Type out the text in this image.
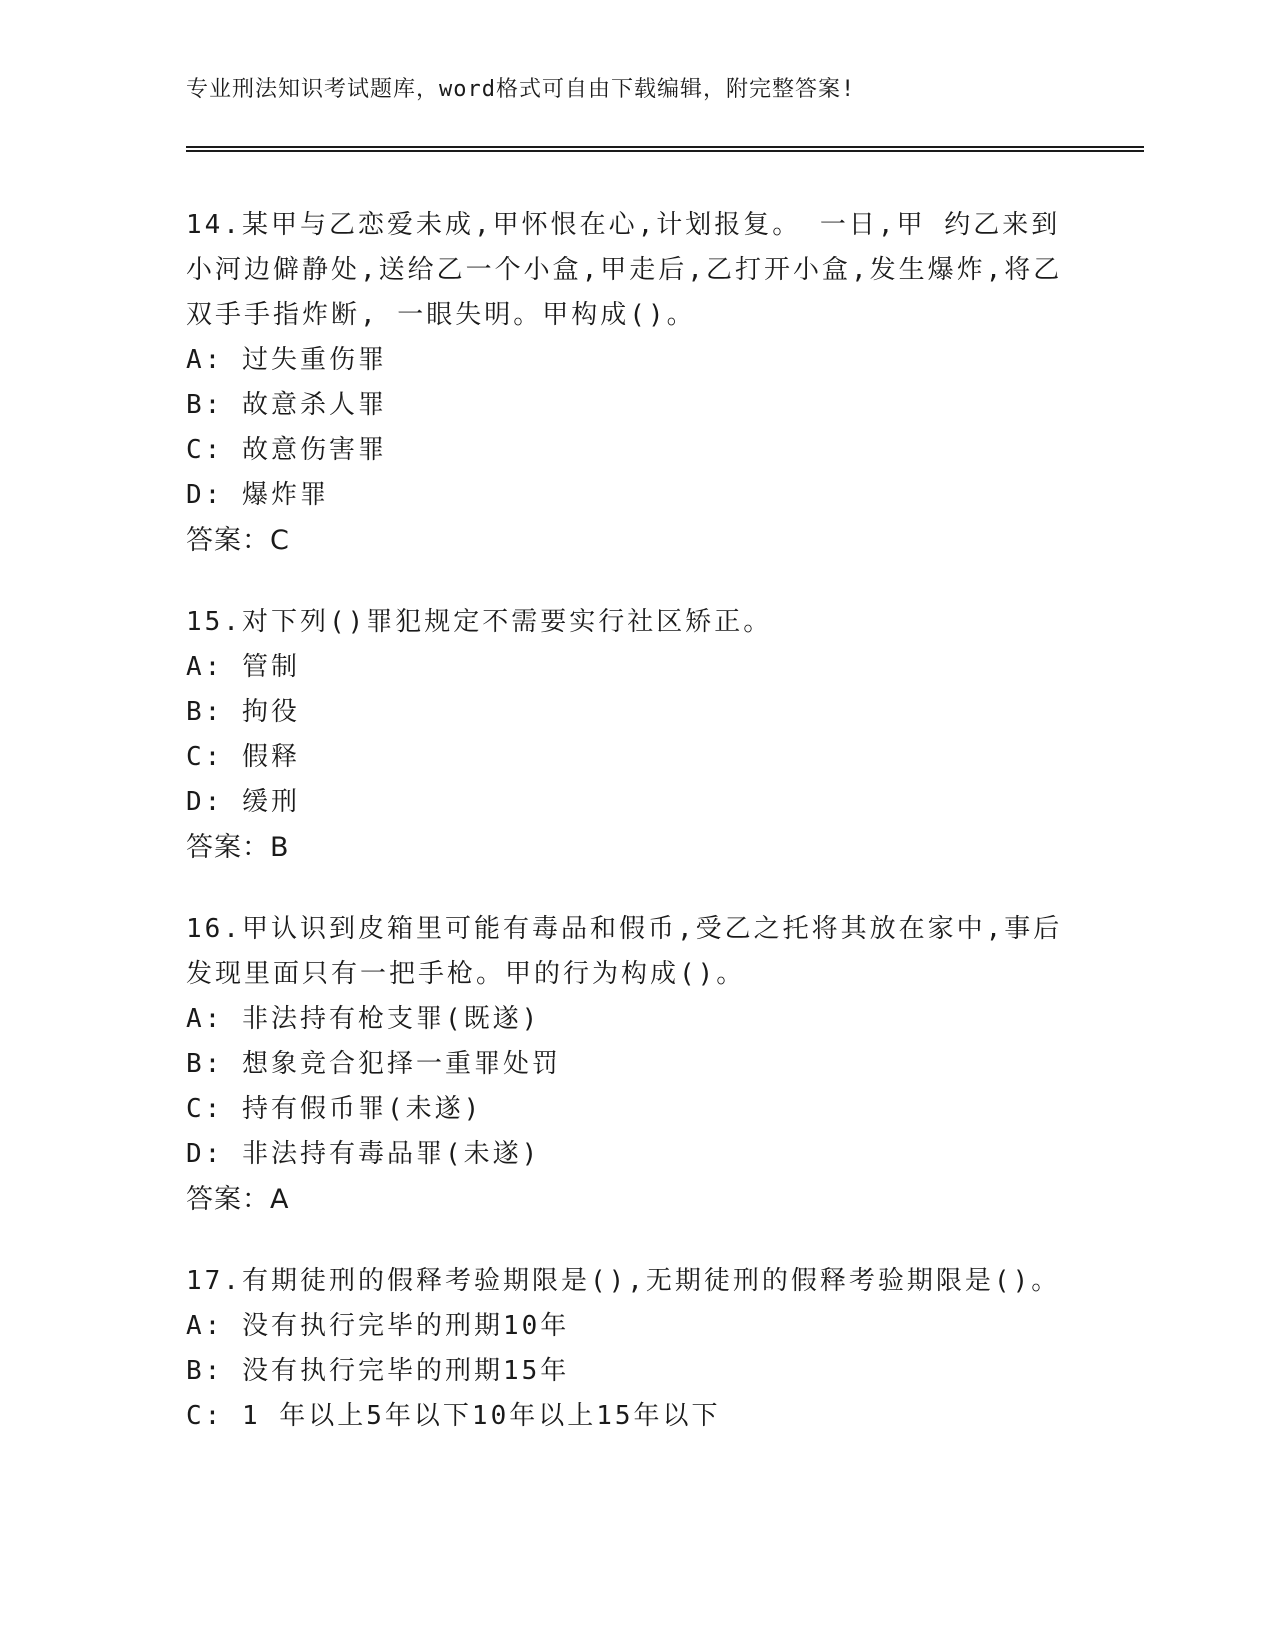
专业刑法知识考试题库，word格式可自由下载编辑，附完整答案!

14.某甲与乙恋爱未成,甲怀恨在心,计划报复。 一日,甲 约乙来到小河边僻静处,送给乙一个小盒,甲走后,乙打开小盒,发生爆炸,将乙双手手指炸断, 一眼失明。甲构成()。

A: 过失重伤罪

B: 故意杀人罪

C: 故意伤害罪

D: 爆炸罪

答案：C

15.对下列()罪犯规定不需要实行社区矫正。

A: 管制

B: 拘役

C: 假释

D: 缓刑

答案：B

16.甲认识到皮箱里可能有毒品和假币,受乙之托将其放在家中,事后发现里面只有一把手枪。甲的行为构成()。

A: 非法持有枪支罪(既遂)

B: 想象竞合犯择一重罪处罚

C: 持有假币罪(未遂)

D: 非法持有毒品罪(未遂)

答案：A

17.有期徒刑的假释考验期限是(),无期徒刑的假释考验期限是()。

A: 没有执行完毕的刑期10年

B: 没有执行完毕的刑期15年

C: 1 年以上5年以下10年以上15年以下
